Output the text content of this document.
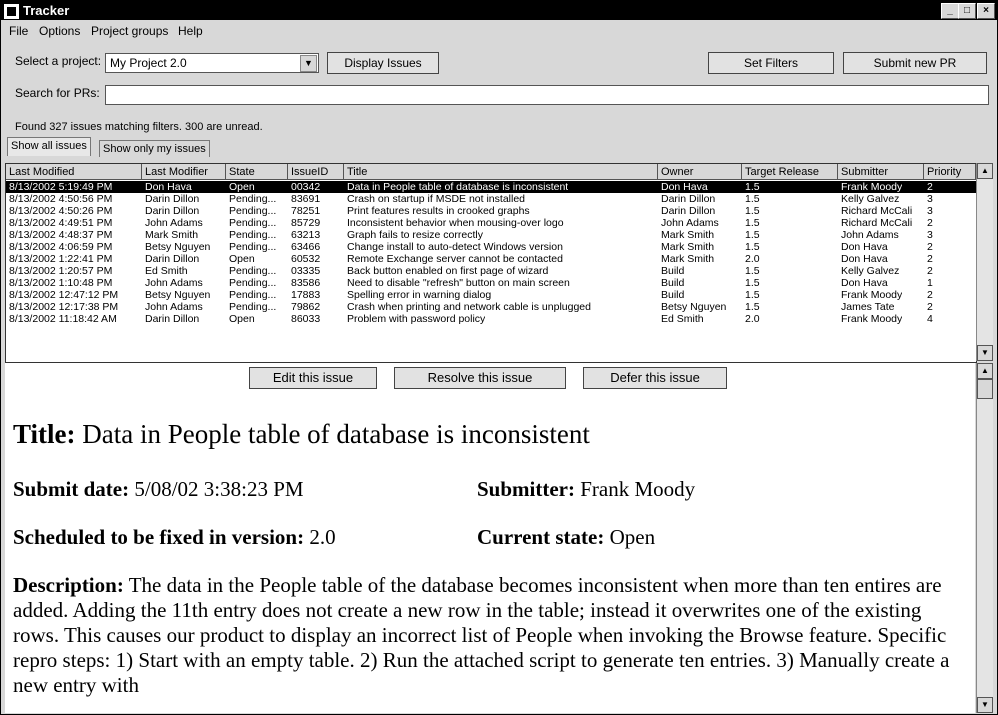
Tracker	_	□	×
File Options Project groups Help
Select a project: My Project 2.0	▼	Display Issues	Set Filters	Submit new PR
Search for PRs:
Found 327 issues matching filters. 300 are unread.
Show all issues	Show only my issues
Last Modified	Last Modifier	State	IssueID	Title	Owner	Target Release	Submitter	Priority
8/13/2002 5:19:49 PM	Don Hava	Open	00342	Data in People table of database is inconsistent	Don Hava	1.5	Frank Moody 2
8/13/2002 4:50:56 PM	Darin Dillon	Pending... 83691	Crash on startup if MSDE not installed	Darin Dillon	1.5	Kelly Galvez	3
8/13/2002 4:50:26 PM	Darin Dillon	Pending... 78251	Print features results in crooked graphs	Darin Dillon	1.5	Richard McCali 3
8/13/2002 4:49:51 PM	John Adams Pending... 85729	Inconsistent behavior when mousing-over logo	John Adams 1.5	Richard McCali 2
8/13/2002 4:48:37 PM	Mark Smith	Pending... 63213	Graph fails to resize correctly	Mark Smith	1.5	John Adams	3
8/13/2002 4:06:59 PM	Betsy Nguyen Pending... 63466	Change install to auto-detect Windows version	Mark Smith	1.5	Don Hava	2
8/13/2002 1:22:41 PM	Darin Dillon	Open	60532	Remote Exchange server cannot be contacted	Mark Smith	2.0	Don Hava	2
8/13/2002 1:20:57 PM	Ed Smith	Pending... 03335	Back button enabled on first page of wizard	Build	1.5	Kelly Galvez	2
8/13/2002 1:10:48 PM	John Adams Pending... 83586	Need to disable "refresh" button on main screen	Build	1.5	Don Hava	1
8/13/2002 12:47:12 PM	Betsy Nguyen Pending... 17883	Spelling error in warning dialog	Build	1.5	Frank Moody 2
8/13/2002 12:17:38 PM	John Adams Pending... 79862	Crash when printing and network cable is unplugged	Betsy Nguyen 1.5	James Tate	2
8/13/2002 11:18:42 AM	Darin Dillon	Open	86033	Problem with password policy	Ed Smith	2.0	Frank Moody 4
▲
▼
Edit this issue	Resolve this issue	Defer this issue
Title: Data in People table of database is inconsistent
Submit date: 5/08/02 3:38:23 PM	Submitter: Frank Moody
Scheduled to be fixed in version: 2.0	Current state: Open
Description: The data in the People table of the database becomes inconsistent when more than ten entires are added. Adding the 11th entry does not create a new row in the table; instead it overwrites one of the existing rows. This causes our product to display an incorrect list of People when invoking the Browse feature. Specific repro steps: 1) Start with an empty table. 2) Run the attached script to generate ten entries. 3) Manually create a new entry with
▲
▼
